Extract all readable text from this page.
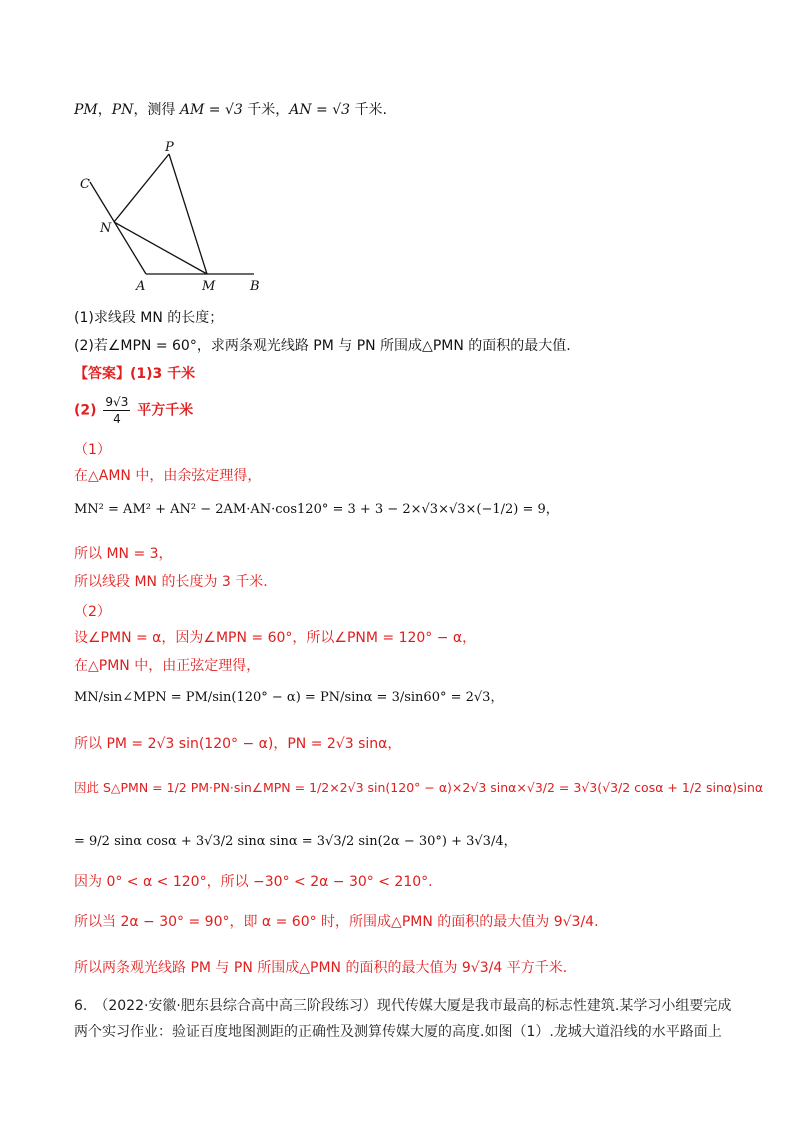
PM，PN，测得 AM = √3 千米，AN = √3 千米.
P
C
N
A	M	B
(1)求线段 MN 的长度；
(2)若∠MPN = 60°，求两条观光线路 PM 与 PN 所围成△PMN 的面积的最大值.
【答案】(1)3 千米
$(2) \frac{9√3}{4}$ 平方千米
（1）
在△AMN 中，由余弦定理得，
MN² = AM² + AN² − 2AM·AN·cos120° = 3 + 3 − 2×√3×√3×(−1/2) = 9，
所以 MN = 3，
所以线段 MN 的长度为 3 千米.
（2）
设∠PMN = α，因为∠MPN = 60°，所以∠PNM = 120° − α，
在△PMN 中，由正弦定理得，
MN/sin∠MPN = PM/sin(120° − α) = PN/sinα = 3/sin60° = 2√3，
所以 PM = 2√3 sin(120° − α)，PN = 2√3 sinα，
因此 S△PMN = 1/2 PM·PN·sin∠MPN = 1/2×2√3 sin(120° − α)×2√3 sinα×√3/2 = 3√3(√3/2 cosα + 1/2 sinα)sinα
= 9/2 sinα cosα + 3√3/2 sinα sinα = 3√3/2 sin(2α − 30°) + 3√3/4，
因为 0° < α < 120°，所以 −30° < 2α − 30° < 210°.
所以当 2α − 30° = 90°，即 α = 60° 时，所围成△PMN 的面积的最大值为 9√3/4.
所以两条观光线路 PM 与 PN 所围成△PMN 的面积的最大值为 9√3/4 平方千米.
6.　（2022·安徽·肥东县综合高中高三阶段练习）现代传媒大厦是我市最高的标志性建筑.某学习小组要完成
两个实习作业：验证百度地图测距的正确性及测算传媒大厦的高度.如图（1）.龙城大道沿线的水平路面上
